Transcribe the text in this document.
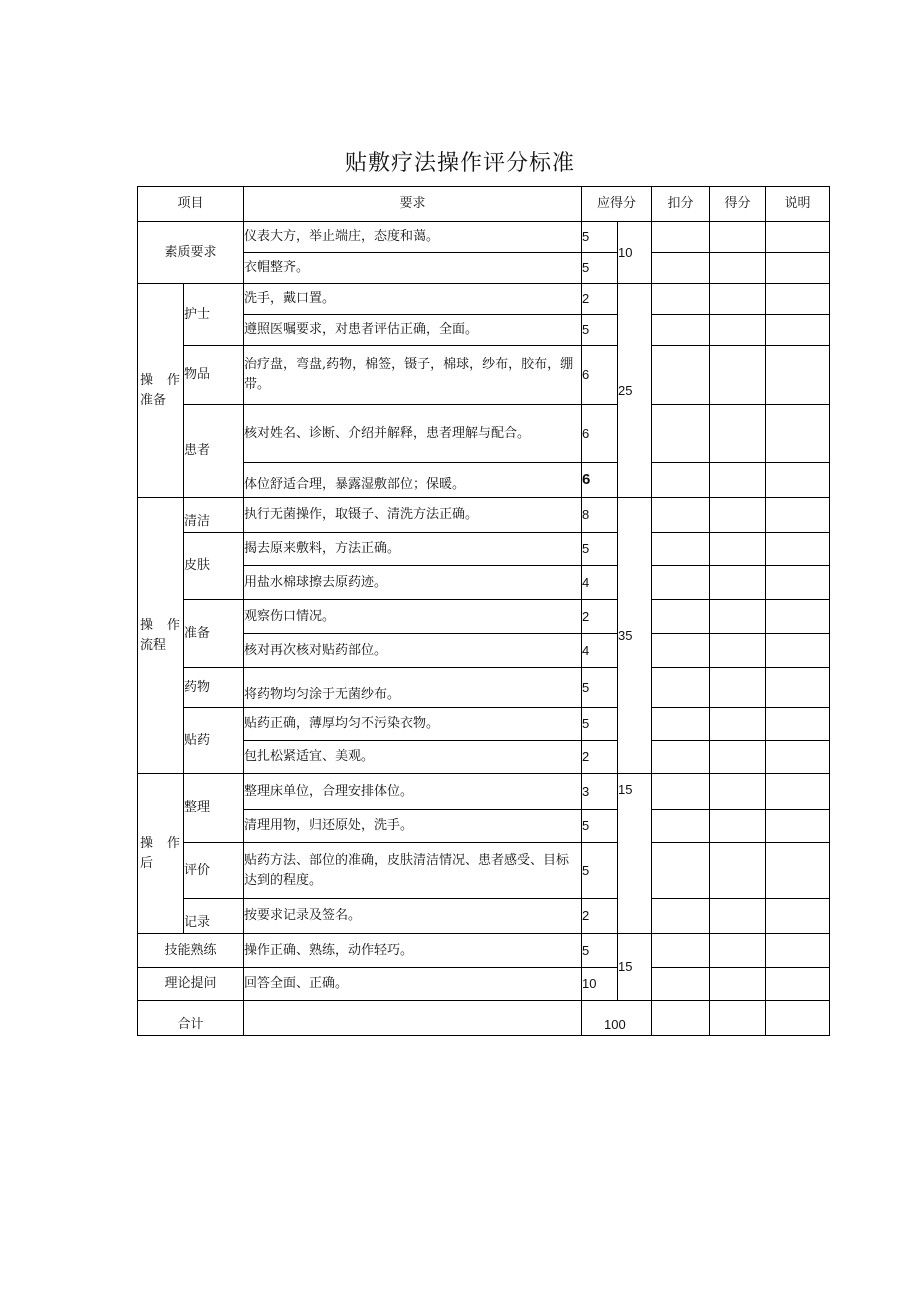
贴敷疗法操作评分标准
项目		要求	应得分		扣分	得分	说明
素质要求		仪表大方，举止端庄，态度和蔼。	5	10			
		衣帽整齐。	5				

操 作
准备	护士	洗手，戴口置。	2	25			
		遵照医嘱要求，对患者评估正确，全面。	5				
	物品	治疗盘，弯盘,药物，棉签，镊子，棉球，纱布，胶布，绷带。	6				
	患者	核对姓名、诊断、介绍并解释，患者理解与配合。	6				
		体位舒适合理，暴露湿敷部位；保暖。	6				

操 作
流程	清洁	执行无菌操作，取镊子、清洗方法正确。	8	35			
	皮肤	揭去原来敷料，方法正确。	5				
		用盐水棉球擦去原药迹。	4				
	准备	观察伤口情况。	2				
		核对再次核对贴药部位。	4				
	药物	将药物均匀涂于无菌纱布。	5				
	贴药	贴药正确，薄厚均匀不污染衣物。	5				
		包扎松紧适宜、美观。	2				

操 作
后	整理	整理床单位，合理安排体位。	3	15			
		清理用物，归还原处，洗手。	5				
	评价	贴药方法、部位的准确，皮肤清洁情况、患者感受、目标达到的程度。	5				
	记录	按要求记录及签名。	2				
技能熟练		操作正确、熟练，动作轻巧。	5	15			
理论提问		回答全面、正确。	10				
合计			100				
